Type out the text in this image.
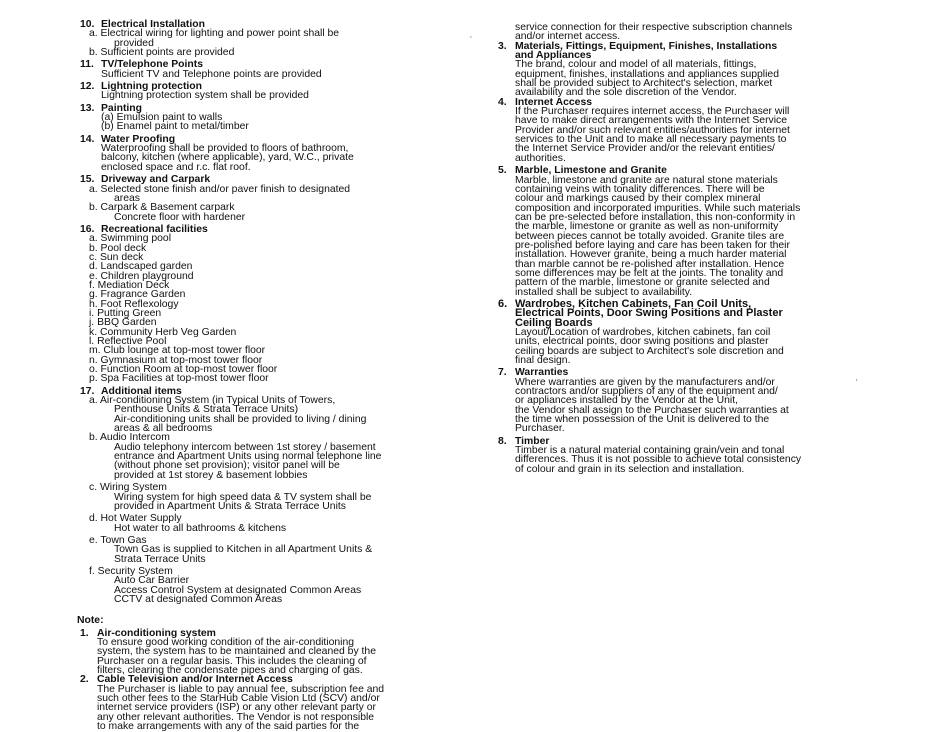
10. Electrical Installation
a. Electrical wiring for lighting and power point shall be
provided
b. Sufficient points are provided
11. TV/Telephone Points
Sufficient TV and Telephone points are provided
12. Lightning protection
Lightning protection system shall be provided
13. Painting
(a) Emulsion paint to walls
(b) Enamel paint to metal/timber
14. Water Proofing
Waterproofing shall be provided to floors of bathroom,
balcony, kitchen (where applicable), yard, W.C., private
enclosed space and r.c. flat roof.
15. Driveway and Carpark
a. Selected stone finish and/or paver finish to designated
areas
b. Carpark & Basement carpark
Concrete floor with hardener
16. Recreational facilities
a. Swimming pool
b. Pool deck
c. Sun deck
d. Landscaped garden
e. Children playground
f. Mediation Deck
g. Fragrance Garden
h. Foot Reflexology
i. Putting Green
j. BBQ Garden
k. Community Herb Veg Garden
l. Reflective Pool
m. Club lounge at top-most tower floor
n. Gymnasium at top-most tower floor
o. Function Room at top-most tower floor
p. Spa Facilities at top-most tower floor
17. Additional items
a. Air-conditioning System (in Typical Units of Towers,
Penthouse Units & Strata Terrace Units)
Air-conditioning units shall be provided to living / dining
areas & all bedrooms
b. Audio Intercom
Audio telephony intercom between 1st storey / basement
entrance and Apartment Units using normal telephone line
(without phone set provision); visitor panel will be
provided at 1st storey & basement lobbies
c. Wiring System
Wiring system for high speed data & TV system shall be
provided in Apartment Units & Strata Terrace Units
d. Hot Water Supply
Hot water to all bathrooms & kitchens
e. Town Gas
Town Gas is supplied to Kitchen in all Apartment Units &
Strata Terrace Units
f. Security System
Auto Car Barrier
Access Control System at designated Common Areas
CCTV at designated Common Areas
Note:
1. Air-conditioning system
To ensure good working condition of the air-conditioning
system, the system has to be maintained and cleaned by the
Purchaser on a regular basis. This includes the cleaning of
filters, clearing the condensate pipes and charging of gas.
2. Cable Television and/or Internet Access
The Purchaser is liable to pay annual fee, subscription fee and
such other fees to the StarHub Cable Vision Ltd (SCV) and/or
internet service providers (ISP) or any other relevant party or
any other relevant authorities. The Vendor is not responsible
to make arrangements with any of the said parties for the
service connection for their respective subscription channels
and/or internet access.
3. Materials, Fittings, Equipment, Finishes, Installations
and Appliances
The brand, colour and model of all materials, fittings,
equipment, finishes, installations and appliances supplied
shall be provided subject to Architect's selection, market
availability and the sole discretion of the Vendor.
4. Internet Access
If the Purchaser requires internet access, the Purchaser will
have to make direct arrangements with the Internet Service
Provider and/or such relevant entities/authorities for internet
services to the Unit and to make all necessary payments to
the Internet Service Provider and/or the relevant entities/
authorities.
5. Marble, Limestone and Granite
Marble, limestone and granite are natural stone materials
containing veins with tonality differences. There will be
colour and markings caused by their complex mineral
composition and incorporated impurities. While such materials
can be pre-selected before installation, this non-conformity in
the marble, limestone or granite as well as non-uniformity
between pieces cannot be totally avoided. Granite tiles are
pre-polished before laying and care has been taken for their
installation. However granite, being a much harder material
than marble cannot be re-polished after installation. Hence
some differences may be felt at the joints. The tonality and
pattern of the marble, limestone or granite selected and
installed shall be subject to availability.
6. Wardrobes, Kitchen Cabinets, Fan Coil Units,
Electrical Points, Door Swing Positions and Plaster
Ceiling Boards
Layout/Location of wardrobes, kitchen cabinets, fan coil
units, electrical points, door swing positions and plaster
ceiling boards are subject to Architect's sole discretion and
final design.
7. Warranties
Where warranties are given by the manufacturers and/or
contractors and/or suppliers of any of the equipment and/
or appliances installed by the Vendor at the Unit,
the Vendor shall assign to the Purchaser such warranties at
the time when possession of the Unit is delivered to the
Purchaser.
8. Timber
Timber is a natural material containing grain/vein and tonal
differences. Thus it is not possible to achieve total consistency
of colour and grain in its selection and installation.
‚
'
